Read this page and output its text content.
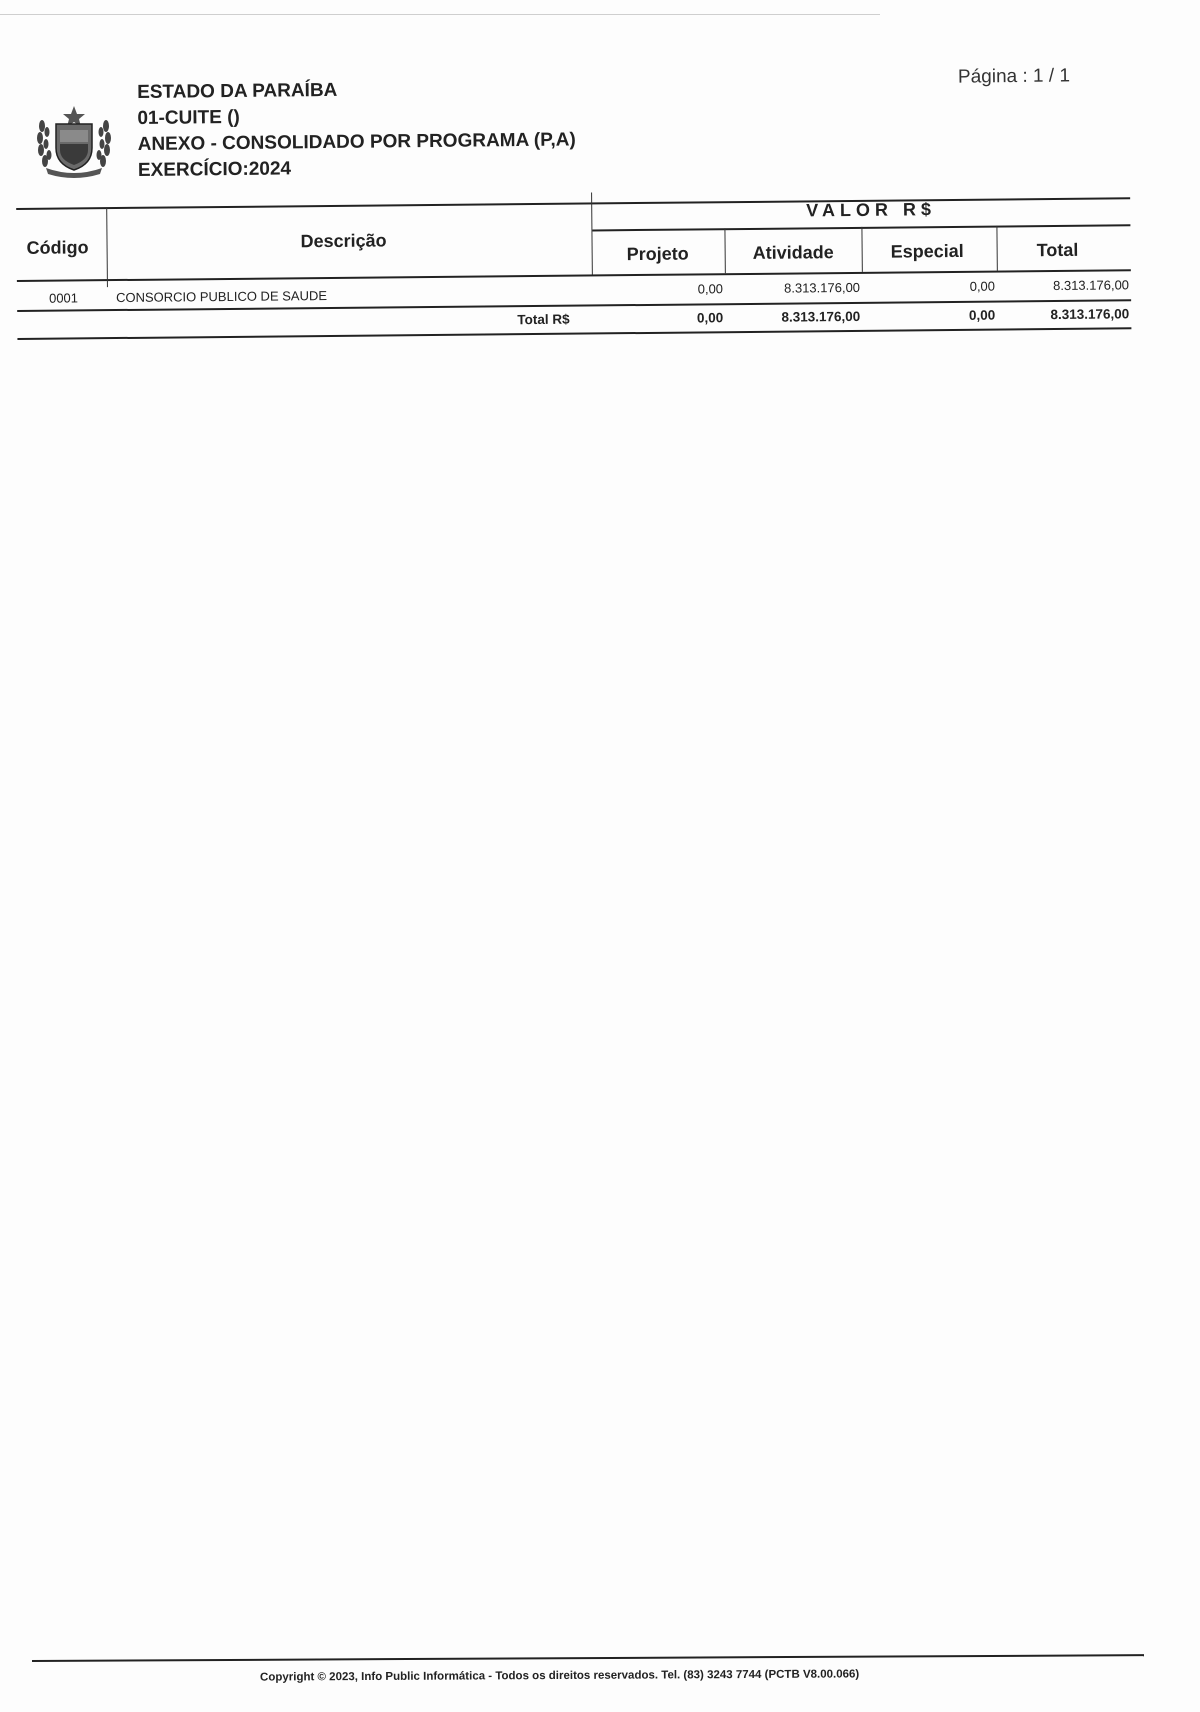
ESTADO DA PARAÍBA
01-CUITE ()
ANEXO - CONSOLIDADO POR PROGRAMA (P,A)
EXERCÍCIO:2024
Página : 1 / 1
Código	Descrição
VALOR R$
Projeto	Atividade	Especial	Total
0001	CONSORCIO PUBLICO DE SAUDE	0,00	8.313.176,00	0,00	8.313.176,00
Total R$	0,00	8.313.176,00	0,00	8.313.176,00
Copyright © 2023, Info Public Informática - Todos os direitos reservados. Tel. (83) 3243 7744 (PCTB V8.00.066)
